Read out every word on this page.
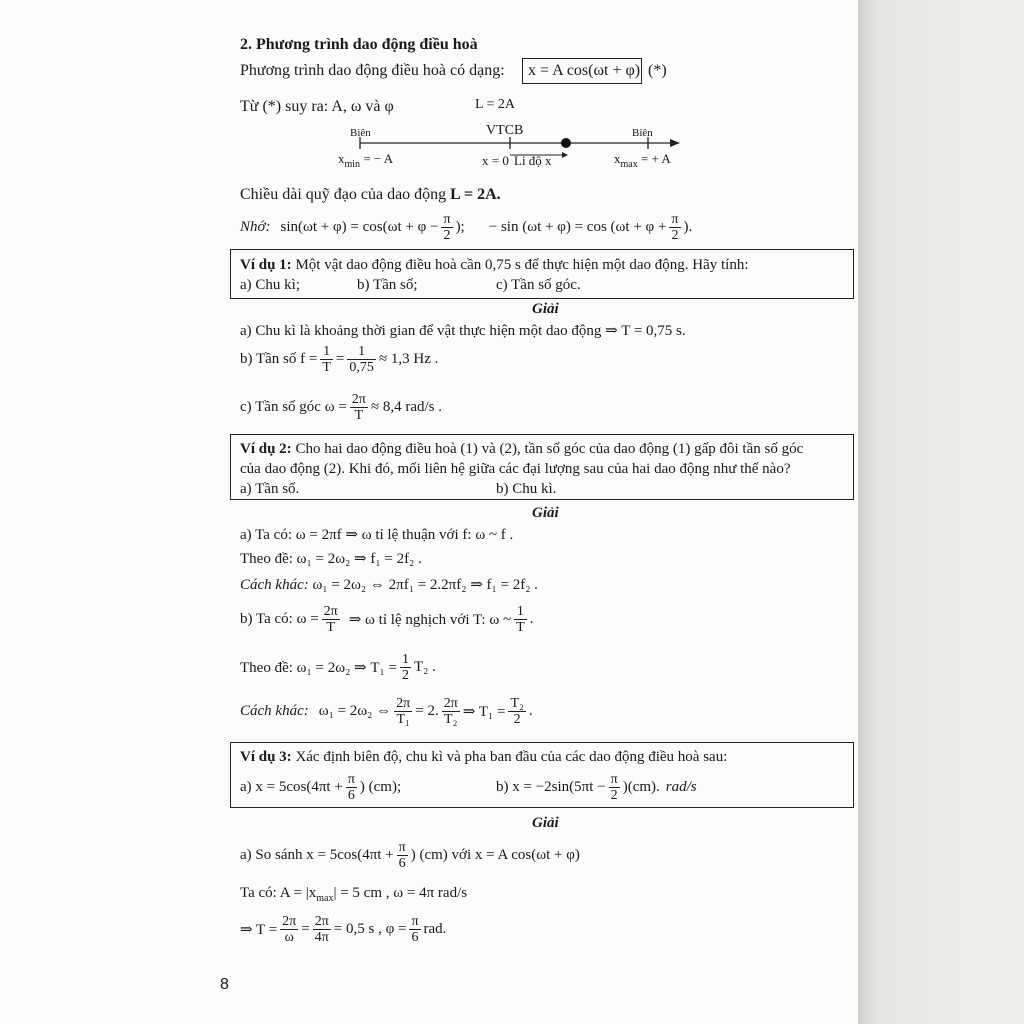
2. Phương trình dao động điều hoà
Phương trình dao động điều hoà có dạng: x = A cos(ωt + φ) (*)
Từ (*) suy ra: A, ω và φ	L = 2A
VTCB
Biên	Biên
$x_{min}$ = − A	x = 0 Li độ x	$x_{max}$ = + A
Chiều dài quỹ đạo của dao động L = 2A.
Nhớ: $\sin(\omega t + \varphi) = \cos(\omega t + \varphi - \frac{\pi}{2}$ ); − $\sin (\omega t + \varphi) = \cos (\omega t + \varphi + \frac{\pi}{2}$ ).
Ví dụ 1: Một vật dao động điều hoà cần 0,75 s để thực hiện một dao động. Hãy tính:
a) Chu kì;	b) Tần số;	c) Tần số góc.
Giải
a) Chu kì là khoảng thời gian để vật thực hiện một dao động ⇒ T = 0,75 s.
b) Tần số $f = \frac{1}{T} = \frac{1}{0,75} \approx 1,3$ Hz .
c) Tần số góc $\omega = \frac{2\pi}{T} \approx 8,4$ rad/s .
Ví dụ 2: Cho hai dao động điều hoà (1) và (2), tần số góc của dao động (1) gấp đôi tần số góc
của dao động (2). Khi đó, mối liên hệ giữa các đại lượng sau của hai dao động như thế nào?
a) Tần số.	b) Chu kì.
Giải
a) Ta có: ω = 2πf ⇒ ω tỉ lệ thuận với f: ω ~ f .
Theo đề: ω₁ = 2ω₂ ⇒ f₁ = 2f₂ .
Cách khác: ω₁ = 2ω₂ ⇔ 2πf₁ = 2.2πf₂ ⇒ f₁ = 2f₂ .
b) Ta có: $\omega = \frac{2\pi}{T}$ ⇒ ω tỉ lệ nghịch với T: ω ~ $\frac{1}{T}$ .
Theo đề: ω₁ = 2ω₂ ⇒ $T_1 = \frac{1}{2} T_2$ .
Cách khác: ω₁ = 2ω₂ ⇔ $\frac{2\pi}{\text{T₁}} = 2$. $\frac{2\pi}{\text{T₂}}$ ⇒ $T_1 = \frac{\text{T₂}}{2}$ .
Ví dụ 3: Xác định biên độ, chu kì và pha ban đầu của các dao động điều hoà sau:
a) $x = 5\cos(4\pi t + \frac{\pi}{6}$ ) (cm);	b) $x = -2\sin(5\pi t - \frac{\pi}{2} )(cm)$. rad/s
Giải
a) So sánh $x = 5\cos(4\pi t + \frac{\pi}{6}$ ) (cm) với x = A cos(ωt + φ)
Ta có: $A = |x_{max}| = 5$ cm , ω = 4π rad/s
⇒ $T = \frac{2\pi}{\omega} = \frac{2\pi}{4\pi} = 0,5$ s , $\varphi = \frac{\pi}{6}$ rad.
8
